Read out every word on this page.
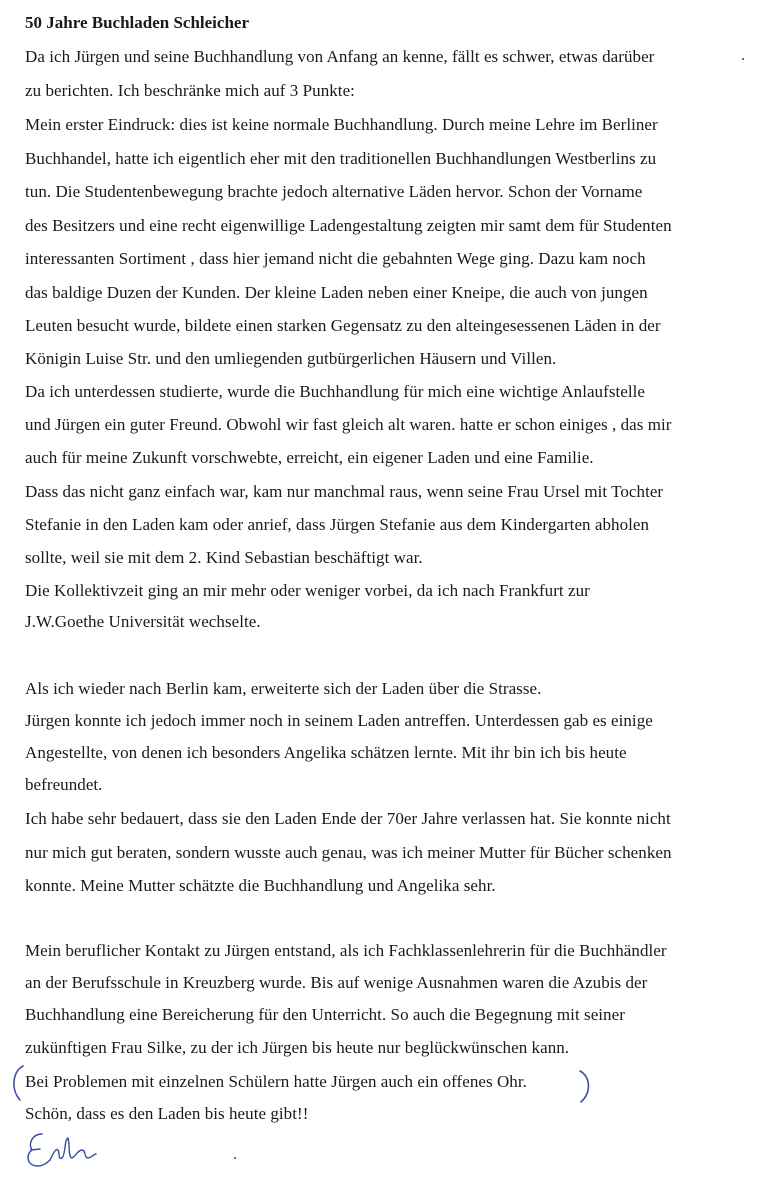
50 Jahre Buchladen Schleicher
Da ich Jürgen und seine Buchhandlung von Anfang an kenne, fällt es schwer, etwas darüber
zu berichten. Ich beschränke mich auf 3 Punkte:
Mein erster Eindruck: dies ist keine normale Buchhandlung. Durch meine Lehre im Berliner
Buchhandel, hatte ich eigentlich eher mit den traditionellen Buchhandlungen Westberlins zu
tun. Die Studentenbewegung brachte jedoch alternative Läden hervor. Schon der Vorname
des Besitzers und eine recht eigenwillige Ladengestaltung zeigten mir samt dem für Studenten
interessanten Sortiment , dass hier jemand nicht die gebahnten Wege ging. Dazu kam noch
das baldige Duzen der Kunden. Der kleine Laden neben einer Kneipe, die auch von jungen
Leuten besucht wurde, bildete einen starken Gegensatz zu den alteingesessenen Läden in der
Königin Luise Str. und den umliegenden gutbürgerlichen Häusern und Villen.
Da ich unterdessen studierte, wurde die Buchhandlung für mich eine wichtige Anlaufstelle
und Jürgen ein guter Freund. Obwohl wir fast gleich alt waren. hatte er schon einiges , das mir
auch für meine Zukunft vorschwebte, erreicht, ein eigener Laden und eine Familie.
Dass das nicht ganz einfach war, kam nur manchmal raus, wenn seine Frau Ursel mit Tochter
Stefanie in den Laden kam oder anrief, dass Jürgen Stefanie aus dem Kindergarten abholen
sollte, weil sie mit dem 2. Kind Sebastian beschäftigt war.
Die Kollektivzeit ging an mir mehr oder weniger vorbei, da ich nach Frankfurt zur
J.W.Goethe Universität wechselte.
Als ich wieder nach Berlin kam, erweiterte sich der Laden über die Strasse.
Jürgen konnte ich jedoch immer noch in seinem Laden antreffen. Unterdessen gab es einige
Angestellte, von denen ich besonders Angelika schätzen lernte. Mit ihr bin ich bis heute
befreundet.
Ich habe sehr bedauert, dass sie den Laden Ende der 70er Jahre verlassen hat. Sie konnte nicht
nur mich gut beraten, sondern wusste auch genau, was ich meiner Mutter für Bücher schenken
konnte. Meine Mutter schätzte die Buchhandlung und Angelika sehr.
Mein beruflicher Kontakt zu Jürgen entstand, als ich Fachklassenlehrerin für die Buchhändler
an der Berufsschule in Kreuzberg wurde. Bis auf wenige Ausnahmen waren die Azubis der
Buchhandlung eine Bereicherung für den Unterricht. So auch die Begegnung mit seiner
zukünftigen Frau Silke, zu der ich Jürgen bis heute nur beglückwünschen kann.
Bei Problemen mit einzelnen Schülern hatte Jürgen auch ein offenes Ohr.
Schön, dass es den Laden bis heute gibt!!
